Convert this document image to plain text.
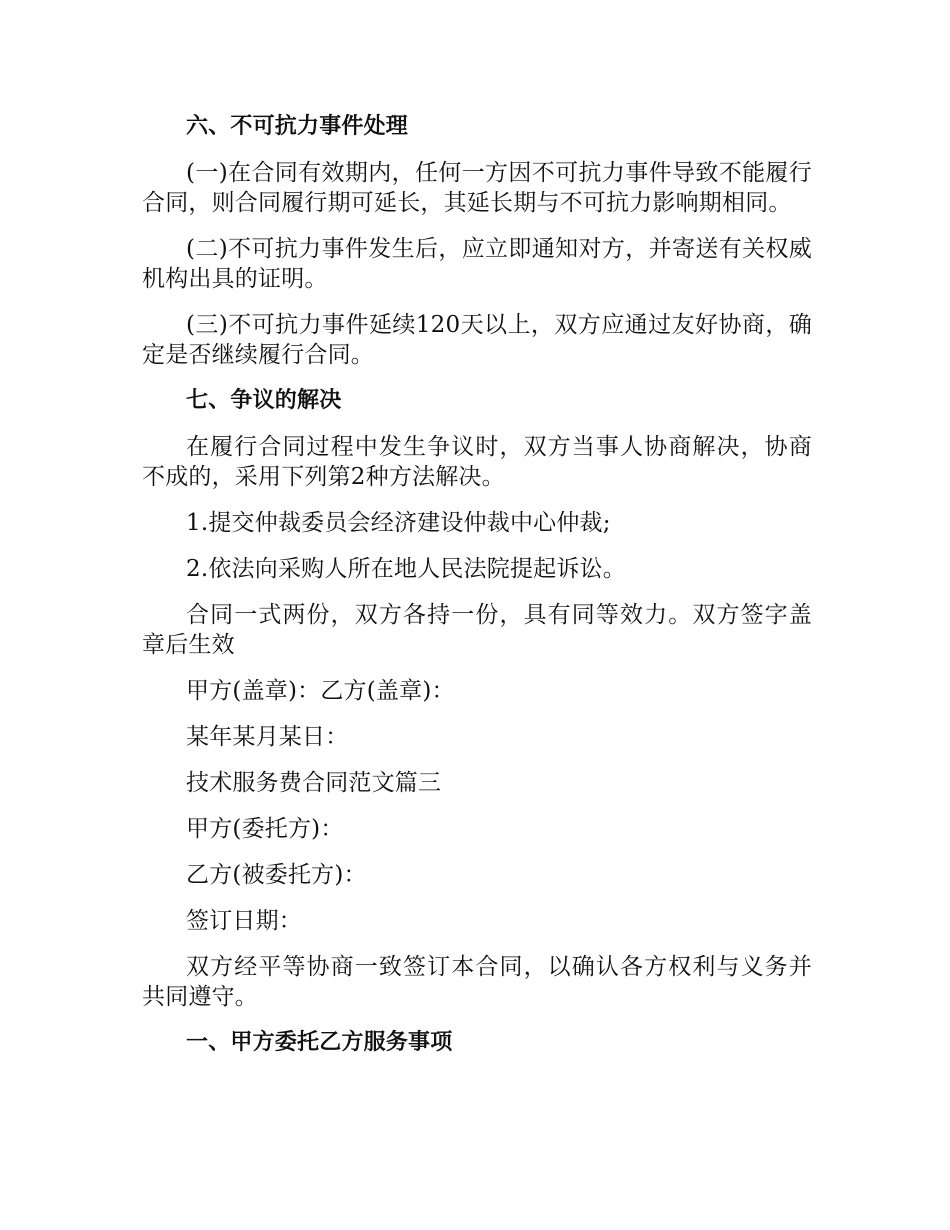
六、不可抗力事件处理

(一)在合同有效期内，任何一方因不可抗力事件导致不能履行合同，则合同履行期可延长，其延长期与不可抗力影响期相同。

(二)不可抗力事件发生后，应立即通知对方，并寄送有关权威机构出具的证明。

(三)不可抗力事件延续120天以上，双方应通过友好协商，确定是否继续履行合同。

七、争议的解决

在履行合同过程中发生争议时，双方当事人协商解决，协商不成的，采用下列第2种方法解决。

1.提交仲裁委员会经济建设仲裁中心仲裁;

2.依法向采购人所在地人民法院提起诉讼。

合同一式两份，双方各持一份，具有同等效力。双方签字盖章后生效

甲方(盖章)：乙方(盖章)：

某年某月某日：

技术服务费合同范文篇三

甲方(委托方)：

乙方(被委托方)：

签订日期：

双方经平等协商一致签订本合同，以确认各方权利与义务并共同遵守。

一、甲方委托乙方服务事项
